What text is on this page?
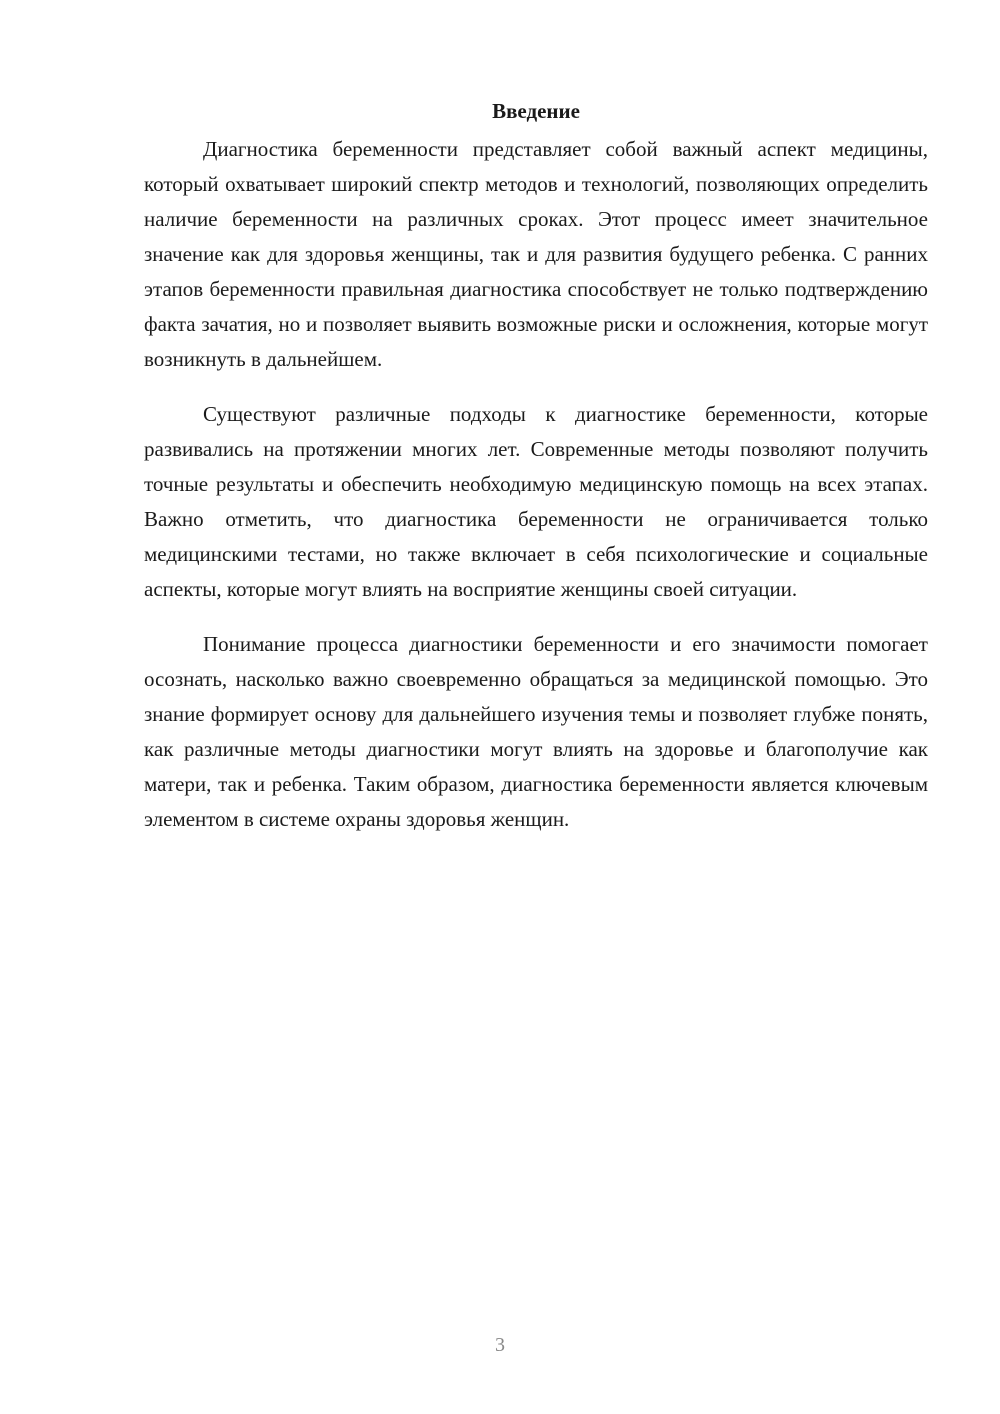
Введение

Диагностика беременности представляет собой важный аспект медицины, который охватывает широкий спектр методов и технологий, позволяющих определить наличие беременности на различных сроках. Этот процесс имеет значительное значение как для здоровья женщины, так и для развития будущего ребенка. С ранних этапов беременности правильная диагностика способствует не только подтверждению факта зачатия, но и позволяет выявить возможные риски и осложнения, которые могут возникнуть в дальнейшем.

Существуют различные подходы к диагностике беременности, которые развивались на протяжении многих лет. Современные методы позволяют получить точные результаты и обеспечить необходимую медицинскую помощь на всех этапах. Важно отметить, что диагностика беременности не ограничивается только медицинскими тестами, но также включает в себя психологические и социальные аспекты, которые могут влиять на восприятие женщины своей ситуации.

Понимание процесса диагностики беременности и его значимости помогает осознать, насколько важно своевременно обращаться за медицинской помощью. Это знание формирует основу для дальнейшего изучения темы и позволяет глубже понять, как различные методы диагностики могут влиять на здоровье и благополучие как матери, так и ребенка. Таким образом, диагностика беременности является ключевым элементом в системе охраны здоровья женщин.

3
